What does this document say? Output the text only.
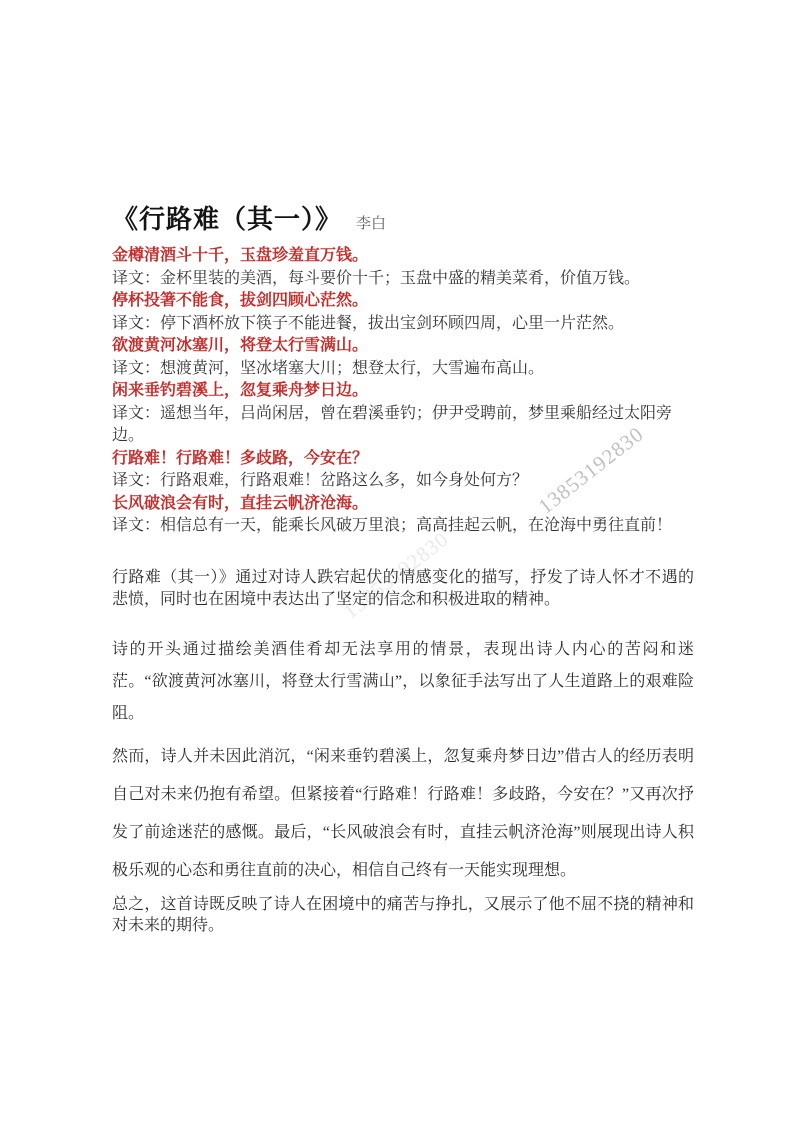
13853192830
13853192830
《行路难（其一）》 李白
金樽清酒斗十千，玉盘珍羞直万钱。
译文：金杯里装的美酒，每斗要价十千；玉盘中盛的精美菜肴，价值万钱。
停杯投箸不能食，拔剑四顾心茫然。
译文：停下酒杯放下筷子不能进餐，拔出宝剑环顾四周，心里一片茫然。
欲渡黄河冰塞川，将登太行雪满山。
译文：想渡黄河，坚冰堵塞大川；想登太行，大雪遍布高山。
闲来垂钓碧溪上，忽复乘舟梦日边。
译文：遥想当年，吕尚闲居，曾在碧溪垂钓；伊尹受聘前，梦里乘船经过太阳旁边。
行路难！行路难！多歧路，今安在？
译文：行路艰难，行路艰难！岔路这么多，如今身处何方？
长风破浪会有时，直挂云帆济沧海。
译文：相信总有一天，能乘长风破万里浪；高高挂起云帆，在沧海中勇往直前！
行路难（其一）》通过对诗人跌宕起伏的情感变化的描写，抒发了诗人怀才不遇的悲愤，同时也在困境中表达出了坚定的信念和积极进取的精神。
诗的开头通过描绘美酒佳肴却无法享用的情景，表现出诗人内心的苦闷和迷茫。“欲渡黄河冰塞川，将登太行雪满山”，以象征手法写出了人生道路上的艰难险阻。
然而，诗人并未因此消沉，“闲来垂钓碧溪上，忽复乘舟梦日边”借古人的经历表明自己对未来仍抱有希望。但紧接着“行路难！行路难！多歧路，今安在？”又再次抒发了前途迷茫的感慨。最后，“长风破浪会有时，直挂云帆济沧海”则展现出诗人积极乐观的心态和勇往直前的决心，相信自己终有一天能实现理想。
总之，这首诗既反映了诗人在困境中的痛苦与挣扎，又展示了他不屈不挠的精神和对未来的期待。
